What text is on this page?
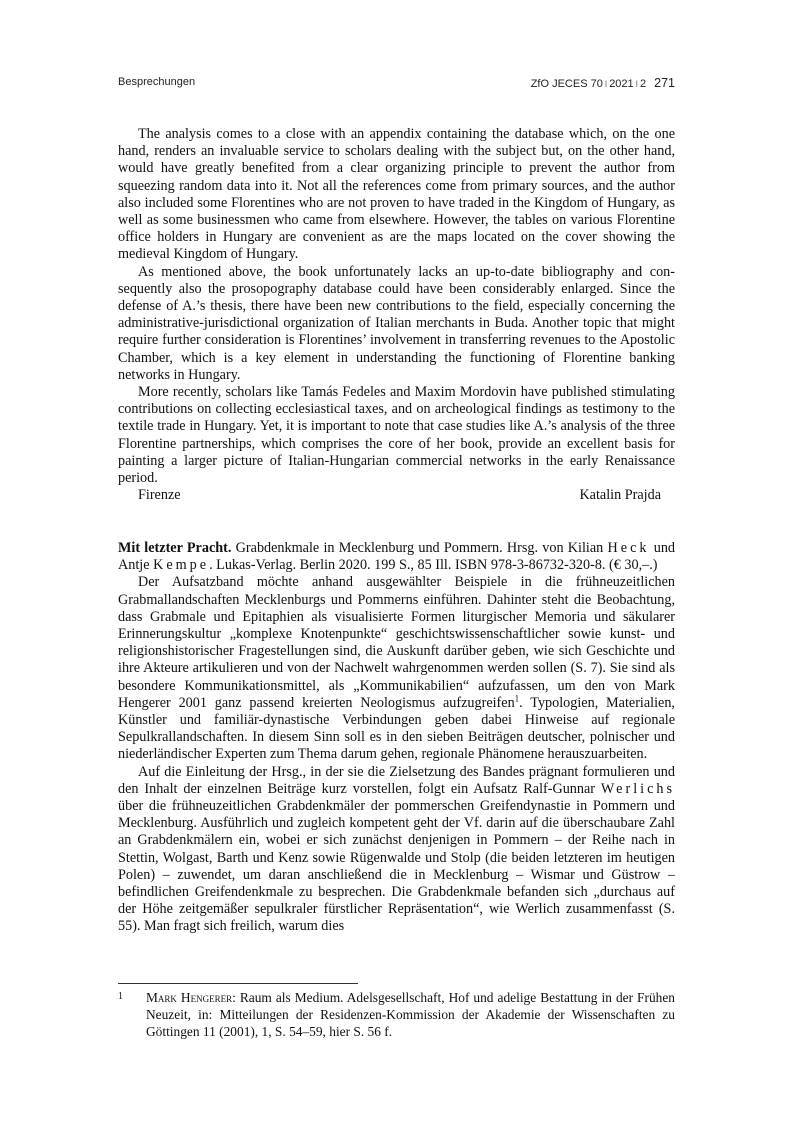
Besprechungen	ZfO JECES 70 ǀ 2021 ǀ 2 271

The analysis comes to a close with an appendix containing the database which, on the one hand, renders an invaluable service to scholars dealing with the subject but, on the other hand, would have greatly benefited from a clear organizing principle to prevent the author from squeezing random data into it. Not all the references come from primary sources, and the author also included some Florentines who are not proven to have traded in the Kingdom of Hungary, as well as some businessmen who came from elsewhere. However, the tables on various Florentine office holders in Hungary are convenient as are the maps located on the cover showing the medieval Kingdom of Hungary.

As mentioned above, the book unfortunately lacks an up-to-date bibliography and consequently also the prosopography database could have been considerably enlarged. Since the defense of A.’s thesis, there have been new contributions to the field, especially concerning the administrative-jurisdictional organization of Italian merchants in Buda. Another topic that might require further consideration is Florentines’ involvement in transferring revenues to the Apostolic Chamber, which is a key element in understanding the functioning of Florentine banking networks in Hungary.

More recently, scholars like Tamás Fedeles and Maxim Mordovin have published stimulating contributions on collecting ecclesiastical taxes, and on archeological findings as testimony to the textile trade in Hungary. Yet, it is important to note that case studies like A.’s analysis of the three Florentine partnerships, which comprises the core of her book, provide an excellent basis for painting a larger picture of Italian-Hungarian commercial networks in the early Renaissance period.

Firenze	Katalin Prajda

Mit letzter Pracht. Grabdenkmale in Mecklenburg und Pommern. Hrsg. von Kilian Heck und Antje Kempe. Lukas-Verlag. Berlin 2020. 199 S., 85 Ill. ISBN 978-3-86732-320-8. (€ 30,–.)

Der Aufsatzband möchte anhand ausgewählter Beispiele in die frühneuzeitlichen Grabmallandschaften Mecklenburgs und Pommerns einführen. Dahinter steht die Beobachtung, dass Grabmale und Epitaphien als visualisierte Formen liturgischer Memoria und säkularer Erinnerungskultur „komplexe Knotenpunkte“ geschichtswissenschaftlicher sowie kunst- und religionshistorischer Fragestellungen sind, die Auskunft darüber geben, wie sich Geschichte und ihre Akteure artikulieren und von der Nachwelt wahrgenommen werden sollen (S. 7). Sie sind als besondere Kommunikationsmittel, als „Kommunikabilien“ aufzufassen, um den von Mark Hengerer 2001 ganz passend kreierten Neologismus aufzugreifen$^1$. Typologien, Materialien, Künstler und familiär-dynastische Verbindungen geben dabei Hinweise auf regionale Sepulkrallandschaften. In diesem Sinn soll es in den sieben Beiträgen deutscher, polnischer und niederländischer Experten zum Thema darum gehen, regionale Phänomene herauszuarbeiten.

Auf die Einleitung der Hrsg., in der sie die Zielsetzung des Bandes prägnant formulieren und den Inhalt der einzelnen Beiträge kurz vorstellen, folgt ein Aufsatz Ralf-Gunnar Werlichs über die frühneuzeitlichen Grabdenkmäler der pommerschen Greifendynastie in Pommern und Mecklenburg. Ausführlich und zugleich kompetent geht der Vf. darin auf die überschaubare Zahl an Grabdenkmälern ein, wobei er sich zunächst denjenigen in Pommern – der Reihe nach in Stettin, Wolgast, Barth und Kenz sowie Rügenwalde und Stolp (die beiden letzteren im heutigen Polen) – zuwendet, um daran anschließend die in Mecklenburg – Wismar und Güstrow – befindlichen Greifendenkmale zu besprechen. Die Grabdenkmale befanden sich „durchaus auf der Höhe zeitgemäßer sepulkraler fürstlicher Repräsentation“, wie Werlich zusammenfasst (S. 55). Man fragt sich freilich, warum dies

1 Mark Hengerer: Raum als Medium. Adelsgesellschaft, Hof und adelige Bestattung in der Frühen Neuzeit, in: Mitteilungen der Residenzen-Kommission der Akademie der Wissenschaften zu Göttingen 11 (2001), 1, S. 54–59, hier S. 56 f.
